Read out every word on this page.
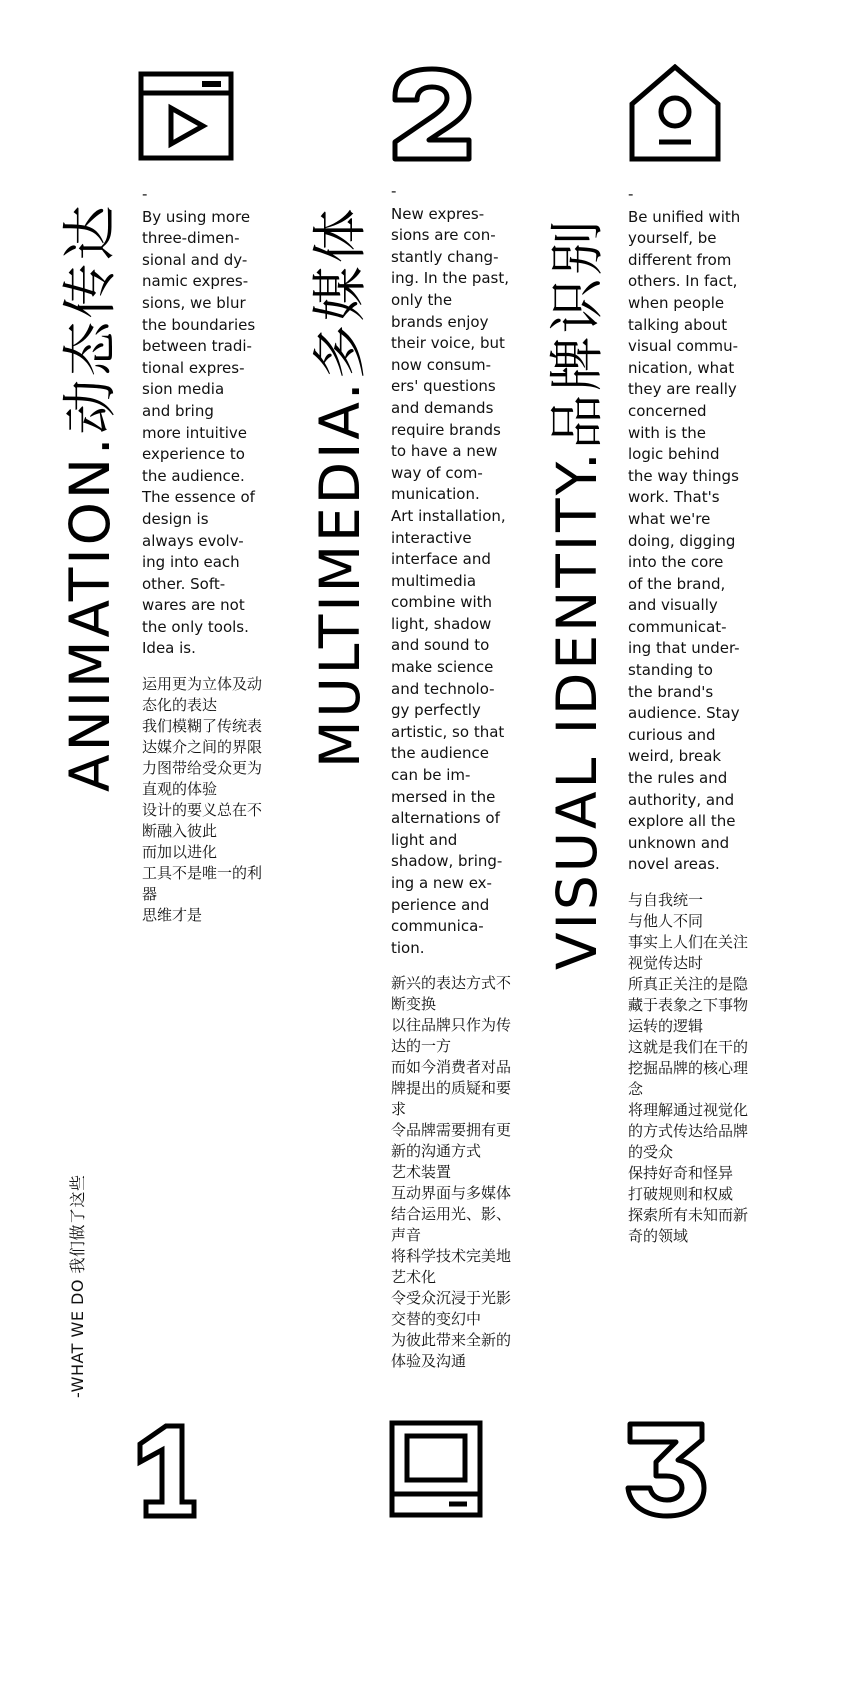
-WHAT WE DO 我们做了这些
ANIMATION.动态传达
-
By using more
three-dimen-
sional and dy-
namic expres-
sions, we blur
the boundaries
between tradi-
tional expres-
sion media
and bring
more intuitive
experience to
the audience.
The essence of
design is
always evolv-
ing into each
other. Soft-
wares are not
the only tools.
Idea is.
运用更为立体及动
态化的表达
我们模糊了传统表
达媒介之间的界限
力图带给受众更为
直观的体验
设计的要义总在不
断融入彼此
而加以进化
工具不是唯一的利
器
思维才是
MULTIMEDIA.多媒体
-
New expres-
sions are con-
stantly chang-
ing. In the past,
only the
brands enjoy
their voice, but
now consum-
ers' questions
and demands
require brands
to have a new
way of com-
munication.
Art installation,
interactive
interface and
multimedia
combine with
light, shadow
and sound to
make science
and technolo-
gy perfectly
artistic, so that
the audience
can be im-
mersed in the
alternations of
light and
shadow, bring-
ing a new ex-
perience and
communica-
tion.
新兴的表达方式不
断变换
以往品牌只作为传
达的一方
而如今消费者对品
牌提出的质疑和要
求
令品牌需要拥有更
新的沟通方式
艺术装置
互动界面与多媒体
结合运用光、影、
声音
将科学技术完美地
艺术化
令受众沉浸于光影
交替的变幻中
为彼此带来全新的
体验及沟通
VISUAL IDENTITY.品牌识别
-
Be unified with
yourself, be
different from
others. In fact,
when people
talking about
visual commu-
nication, what
they are really
concerned
with is the
logic behind
the way things
work. That's
what we're
doing, digging
into the core
of the brand,
and visually
communicat-
ing that under-
standing to
the brand's
audience. Stay
curious and
weird, break
the rules and
authority, and
explore all the
unknown and
novel areas.
与自我统一
与他人不同
事实上人们在关注
视觉传达时
所真正关注的是隐
藏于表象之下事物
运转的逻辑
这就是我们在干的
挖掘品牌的核心理
念
将理解通过视觉化
的方式传达给品牌
的受众
保持好奇和怪异
打破规则和权威
探索所有未知而新
奇的领域
